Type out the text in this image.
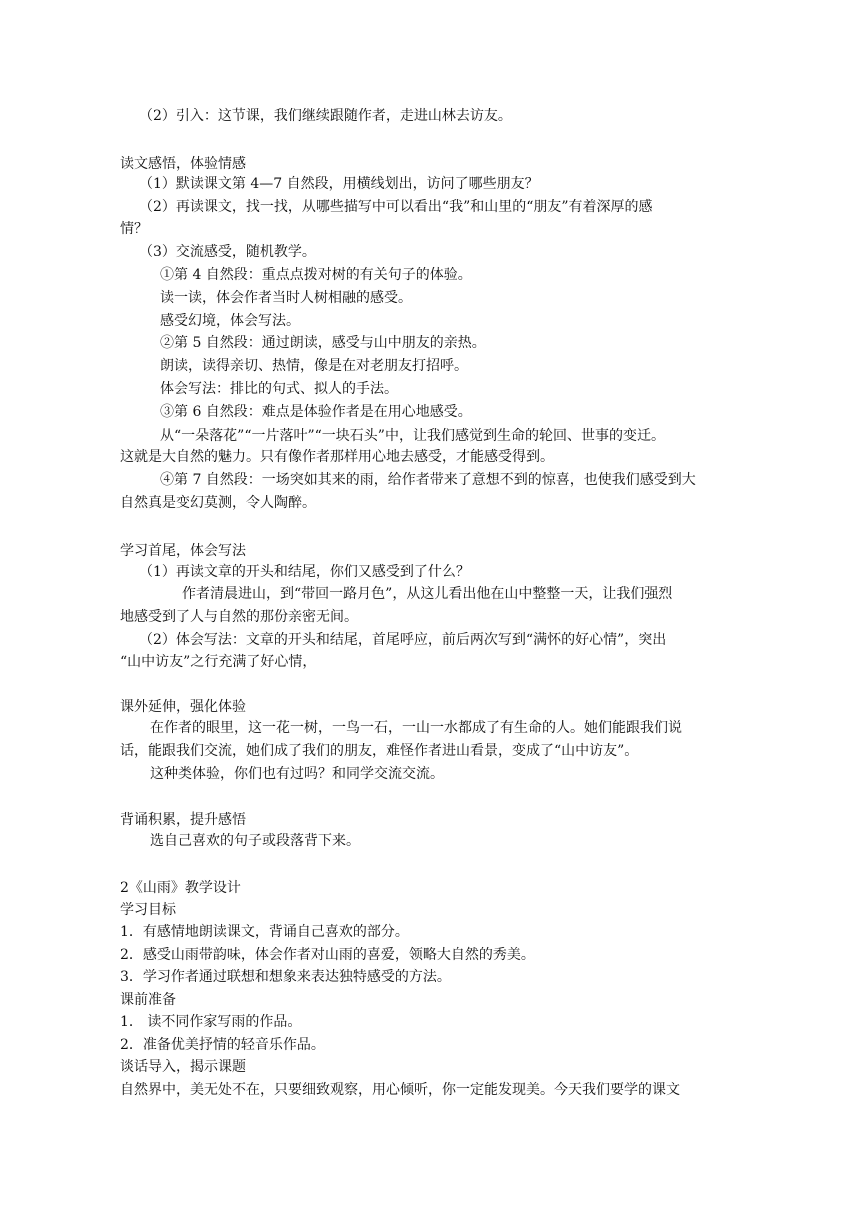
（2）引入：这节课，我们继续跟随作者，走进山林去访友。
读文感悟，体验情感
（1）默读课文第 4—7 自然段，用横线划出，访问了哪些朋友？
（2）再读课文，找一找，从哪些描写中可以看出“我”和山里的“朋友”有着深厚的感
情？
（3）交流感受，随机教学。
①第 4 自然段：重点点拨对树的有关句子的体验。
读一读，体会作者当时人树相融的感受。
感受幻境，体会写法。
②第 5 自然段：通过朗读，感受与山中朋友的亲热。
朗读，读得亲切、热情，像是在对老朋友打招呼。
体会写法：排比的句式、拟人的手法。
③第 6 自然段：难点是体验作者是在用心地感受。
从“一朵落花”“一片落叶”“一块石头”中，让我们感觉到生命的轮回、世事的变迁。
这就是大自然的魅力。只有像作者那样用心地去感受，才能感受得到。
④第 7 自然段：一场突如其来的雨，给作者带来了意想不到的惊喜，也使我们感受到大
自然真是变幻莫测，令人陶醉。
学习首尾，体会写法
（1）再读文章的开头和结尾，你们又感受到了什么？
作者清晨进山，到“带回一路月色”，从这儿看出他在山中整整一天，让我们强烈
地感受到了人与自然的那份亲密无间。
（2）体会写法：文章的开头和结尾，首尾呼应，前后两次写到“满怀的好心情”，突出
“山中访友”之行充满了好心情，
课外延伸，强化体验
在作者的眼里，这一花一树，一鸟一石，一山一水都成了有生命的人。她们能跟我们说
话，能跟我们交流，她们成了我们的朋友，难怪作者进山看景，变成了“山中访友”。
这种类体验，你们也有过吗？和同学交流交流。
背诵积累，提升感悟
选自己喜欢的句子或段落背下来。
2《山雨》教学设计
学习目标
1．有感情地朗读课文，背诵自己喜欢的部分。
2．感受山雨带韵味，体会作者对山雨的喜爱，领略大自然的秀美。
3．学习作者通过联想和想象来表达独特感受的方法。
课前准备
1． 读不同作家写雨的作品。
2．准备优美抒情的轻音乐作品。
谈话导入，揭示课题
自然界中，美无处不在，只要细致观察，用心倾听，你一定能发现美。今天我们要学的课文
